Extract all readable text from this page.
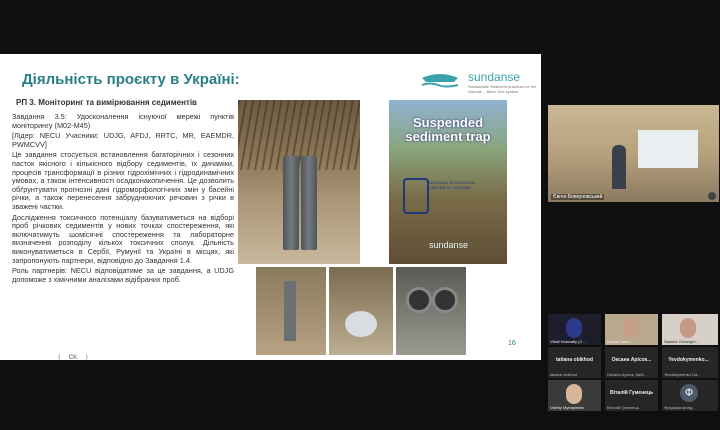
Діяльність проєкту в Україні:	sundanse
Sustainable Sediment practices for the Danube – Black Sea system
РП 3. Моніторинг та вимірювання седиментів

Завдання 3.5: Удосконалення існуючої мережі пунктів моніторингу (М02-М45)

[Лідер: NECU Учасники: UDJG, AFDJ, RRTC, MR, EAEMDR, PWMCVV]

Це завдання стосується встановлення багаторічних і сезонних пасток якісного і кількісного відбору седиментів, їх динаміки, процесів трансформації в різних гідрохімічних і гідродинамічних умовах, а також інтенсивності осадконакопичення. Це дозволить обґрунтувати прогнозні дані гідроморфологічних змін у басейні річки, а також перенесення забруднюючих речовин з річки в зважені частки.

Дослідження токсичного потенціалу базуватиметься на відборі проб річкових седиментів у нових точках спостереження, які включатимуть шомісячні спостереження та лабораторне визначення розподілу кількох токсичних сполук. Дільність виконуватиметься в Сербії, Румунії та Україні в місцях, які запропонують партнери, відповідно до Завдання 1.4.

Роль партнерів: NECU відповідатиме за це завдання, а UDJG допоможе з хімічними аналізами відібраних проб.

Suspended sediment trap
NATIONAL ECOLOGICAL CENTRE OF UKRAINE
sundanse
16
⟨ CK ⟩
Євген Бовкуновський
Vitalii Holovatiy (С...	Марія Павел...	Nataliia Gizbetgel...
tatiana obikhod
tatiana obikhod
Оксана Арісок...
Оксана Арісок, Київ...
Yevdokymenko...
Yevdokymenko Da...
Valeriy Myhaylenko
Віталій Гуменець
Віталій Гуменець
Ф
Фундація фонд...
